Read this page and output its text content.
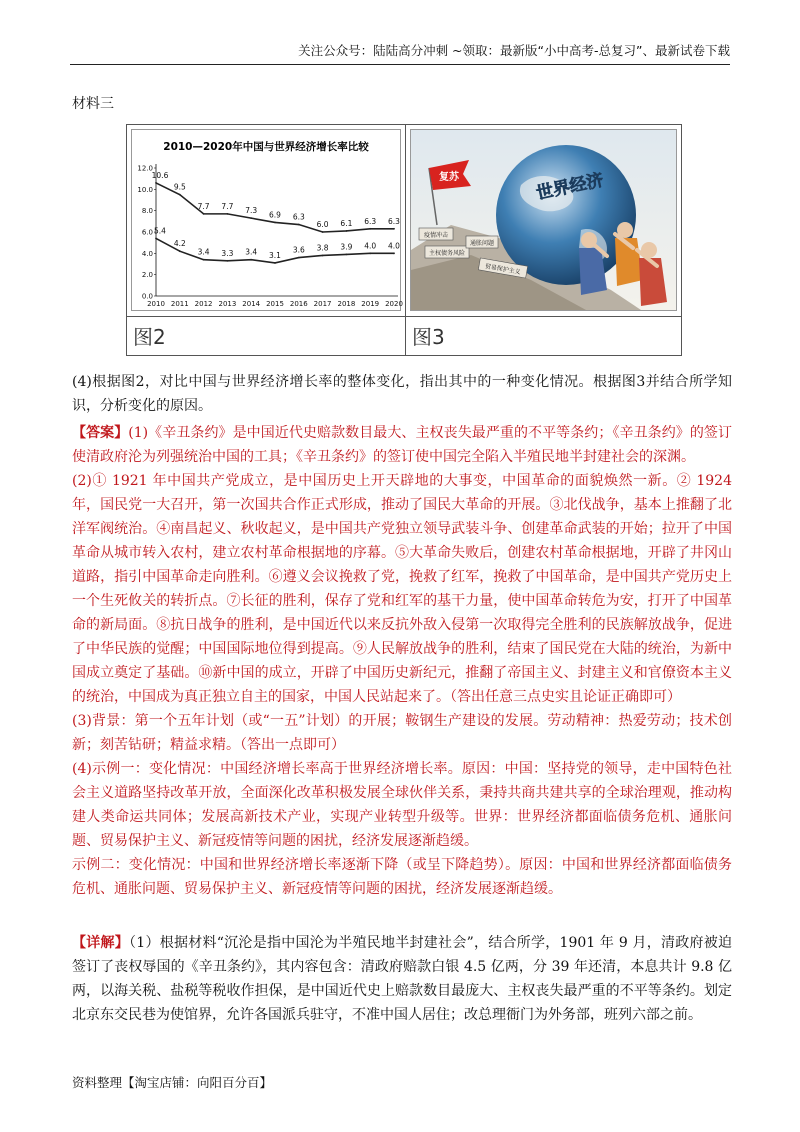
关注公众号：陆陆高分冲刺 ~领取：最新版“小中高考-总复习”、最新试卷下载
材料三
2010—2020年中国与世界经济增长率比较
12.0
10.0
8.0
6.0
4.0
2.0
0.0
2010 2011 2012 2013 2014 2015 2016 2017 2018 2019 2020
10.6
9.5
7.7 7.7 7.3 6.9 6.3
6.0 6.1 6.3 6.3
5.4
4.2
3.4 3.3 3.4 3.1
3.6 3.8 3.9 4.0 4.0
图2
世界经济
复苏
疫情冲击
主权债务风险
通胀问题
贸易保护主义
图3

(4)根据图2，对比中国与世界经济增长率的整体变化，指出其中的一种变化情况。根据图3并结合所学知识，分析变化的原因。

【答案】(1)《辛丑条约》是中国近代史赔款数目最大、主权丧失最严重的不平等条约；《辛丑条约》的签订使清政府沦为列强统治中国的工具；《辛丑条约》的签订使中国完全陷入半殖民地半封建社会的深渊。

(2)① 1921 年中国共产党成立，是中国历史上开天辟地的大事变，中国革命的面貌焕然一新。② 1924 年，国民党一大召开，第一次国共合作正式形成，推动了国民大革命的开展。③北伐战争，基本上推翻了北洋军阀统治。④南昌起义、秋收起义，是中国共产党独立领导武装斗争、创建革命武装的开始；拉开了中国革命从城市转入农村，建立农村革命根据地的序幕。⑤大革命失败后，创建农村革命根据地，开辟了井冈山道路，指引中国革命走向胜利。⑥遵义会议挽救了党，挽救了红军，挽救了中国革命，是中国共产党历史上一个生死攸关的转折点。⑦长征的胜利，保存了党和红军的基干力量，使中国革命转危为安，打开了中国革命的新局面。⑧抗日战争的胜利，是中国近代以来反抗外敌入侵第一次取得完全胜利的民族解放战争，促进了中华民族的觉醒；中国国际地位得到提高。⑨人民解放战争的胜利，结束了国民党在大陆的统治，为新中国成立奠定了基础。⑩新中国的成立，开辟了中国历史新纪元，推翻了帝国主义、封建主义和官僚资本主义的统治，中国成为真正独立自主的国家，中国人民站起来了。（答出任意三点史实且论证正确即可）

(3)背景：第一个五年计划（或“一五”计划）的开展；鞍钢生产建设的发展。劳动精神：热爱劳动；技术创新；刻苦钻研；精益求精。（答出一点即可）

(4)示例一：变化情况：中国经济增长率高于世界经济增长率。原因：中国：坚持党的领导，走中国特色社会主义道路坚持改革开放，全面深化改革积极发展全球伙伴关系，秉持共商共建共享的全球治理观，推动构建人类命运共同体；发展高新技术产业，实现产业转型升级等。世界：世界经济都面临债务危机、通胀问题、贸易保护主义、新冠疫情等问题的困扰，经济发展逐渐趋缓。

示例二：变化情况：中国和世界经济增长率逐渐下降（或呈下降趋势）。原因：中国和世界经济都面临债务危机、通胀问题、贸易保护主义、新冠疫情等问题的困扰，经济发展逐渐趋缓。

【详解】（1）根据材料“沉沦是指中国沦为半殖民地半封建社会”，结合所学，1901 年 9 月，清政府被迫签订了丧权辱国的《辛丑条约》，其内容包含：清政府赔款白银 4.5 亿两，分 39 年还清，本息共计 9.8 亿两，以海关税、盐税等税收作担保，是中国近代史上赔款数目最庞大、主权丧失最严重的不平等条约。划定北京东交民巷为使馆界，允许各国派兵驻守，不准中国人居住；改总理衙门为外务部，班列六部之前。

资料整理【淘宝店铺：向阳百分百】
